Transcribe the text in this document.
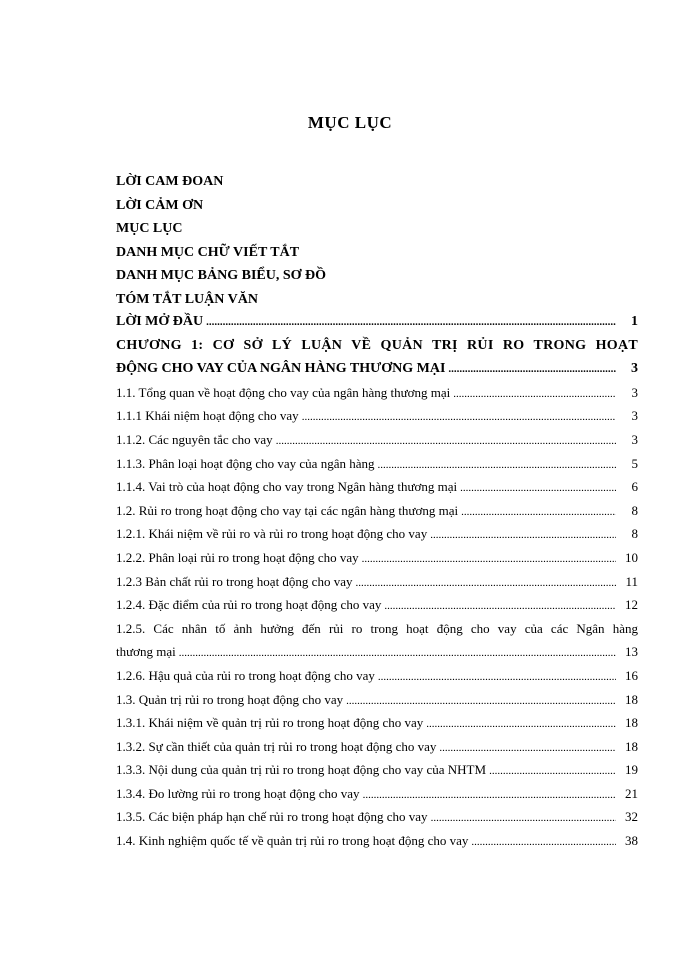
MỤC LỤC
LỜI CAM ĐOAN
LỜI CẢM ƠN
MỤC LỤC
DANH MỤC CHỮ VIẾT TẮT
DANH MỤC BẢNG BIỂU, SƠ ĐỒ
TÓM TẮT LUẬN VĂN
LỜI MỞ ĐẦU .....	1
CHƯƠNG 1: CƠ SỞ LÝ LUẬN VỀ QUẢN TRỊ RỦI RO TRONG HOẠT
ĐỘNG CHO VAY CỦA NGÂN HÀNG THƯƠNG MẠI .....	3
1.1. Tổng quan về hoạt động cho vay của ngân hàng thương mại .....	3
1.1.1 Khái niệm hoạt động cho vay .....	3
1.1.2. Các nguyên tắc cho vay .....	3
1.1.3. Phân loại hoạt động cho vay của ngân hàng .....	5
1.1.4. Vai trò của hoạt động cho vay trong Ngân hàng thương mại .....	6
1.2. Rủi ro trong hoạt động cho vay tại các ngân hàng thương mại .....	8
1.2.1. Khái niệm về rủi ro và rủi ro trong hoạt động cho vay .....	8
1.2.2. Phân loại rủi ro trong hoạt động cho vay .....	10
1.2.3 Bản chất rủi ro trong hoạt động cho vay .....	11
1.2.4. Đặc điểm của rủi ro trong hoạt động cho vay .....	12
1.2.5. Các nhân tố ảnh hưởng đến rủi ro trong hoạt động cho vay của các Ngân hàng
thương mại .....	13
1.2.6. Hậu quả của rủi ro trong hoạt động cho vay .....	16
1.3. Quản trị rủi ro trong hoạt động cho vay .....	18
1.3.1. Khái niệm về quản trị rủi ro trong hoạt động cho vay .....	18
1.3.2. Sự cần thiết của quản trị rủi ro trong hoạt động cho vay .....	18
1.3.3. Nội dung của quản trị rủi ro trong hoạt động cho vay của NHTM .....	19
1.3.4. Đo lường rủi ro trong hoạt động cho vay .....	21
1.3.5. Các biện pháp hạn chế rủi ro trong hoạt động cho vay .....	32
1.4. Kinh nghiệm quốc tế về quản trị rủi ro trong hoạt động cho vay .....	38
